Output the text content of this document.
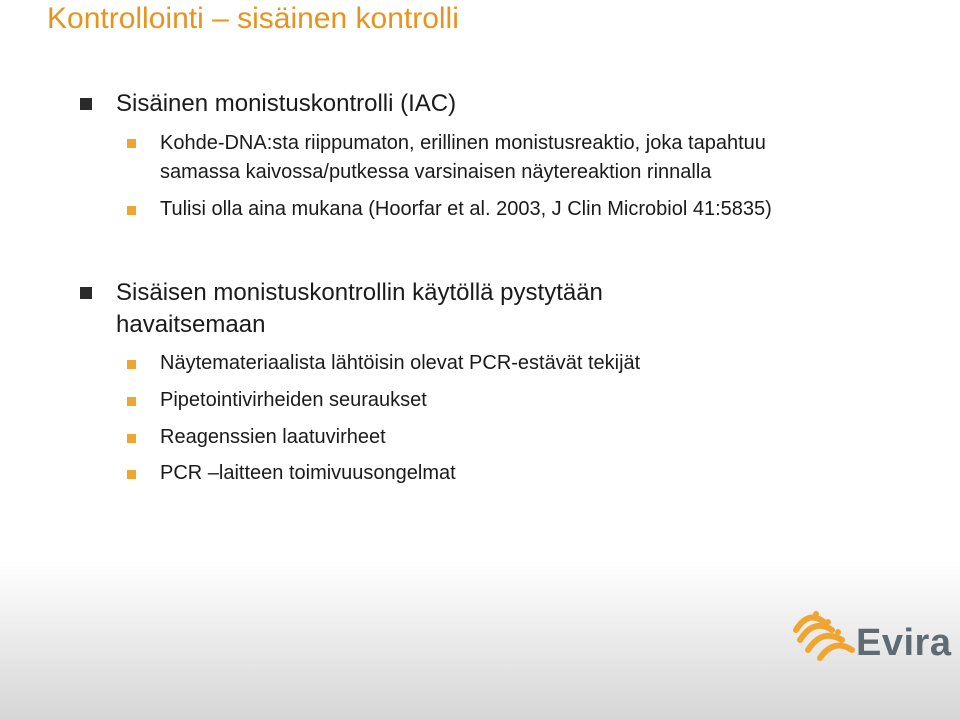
Kontrollointi – sisäinen kontrolli
Sisäinen monistuskontrolli (IAC)
Kohde-DNA:sta riippumaton, erillinen monistusreaktio, joka tapahtuu
samassa kaivossa/putkessa varsinaisen näytereaktion rinnalla
Tulisi olla aina mukana (Hoorfar et al. 2003, J Clin Microbiol 41:5835)
Sisäisen monistuskontrollin käytöllä pystytään
havaitsemaan
Näytemateriaalista lähtöisin olevat PCR-estävät tekijät
Pipetointivirheiden seuraukset
Reagenssien laatuvirheet
PCR –laitteen toimivuusongelmat
Evira
